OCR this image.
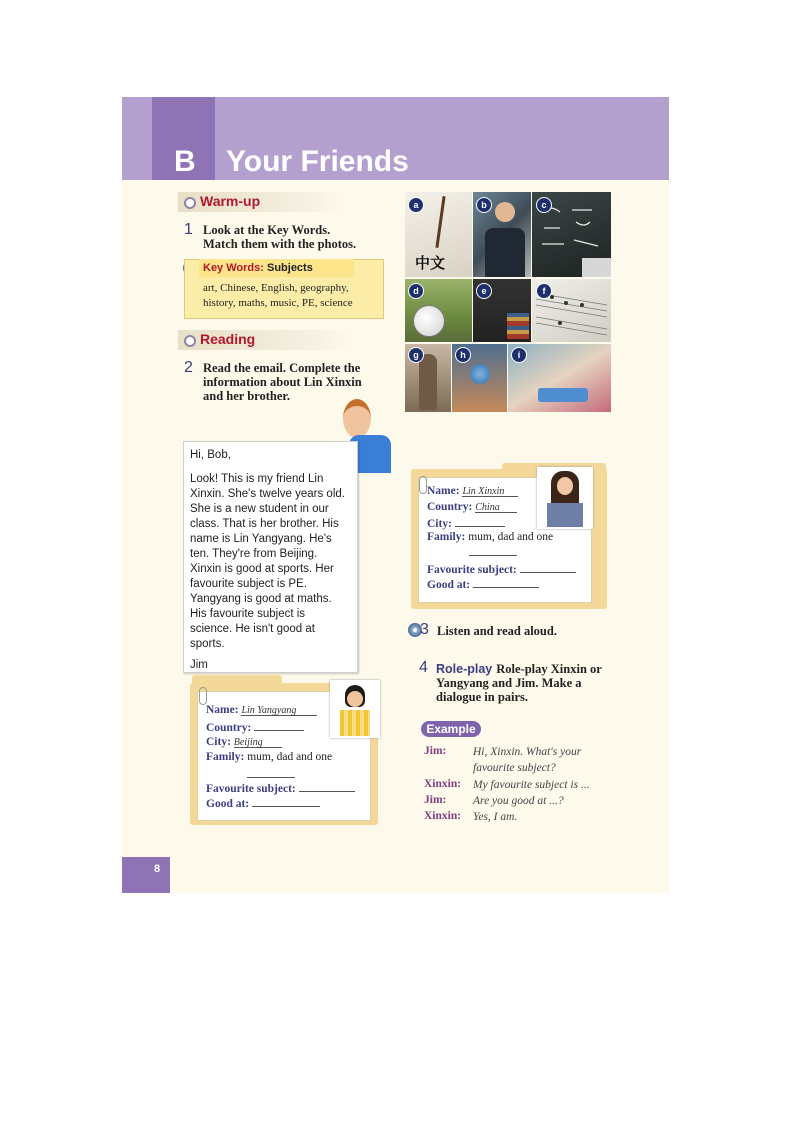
B Your Friends
Warm-up
1 Look at the Key Words.
Match them with the photos.
Key Words: Subjects
art, Chinese, English, geography,
history, maths, music, PE, science
Reading
2 Read the email. Complete the
information about Lin Xinxin
and her brother.
中文
a	b	c
d	e	f
g	h	i
Hi, Bob,
Look! This is my friend Lin
Xinxin. She's twelve years old.
She is a new student in our
class. That is her brother. His
name is Lin Yangyang. He's
ten. They're from Beijing.
Xinxin is good at sports. Her
favourite subject is PE.
Yangyang is good at maths.
His favourite subject is
science. He isn't good at
sports.
Jim
Name: Lin Xinxin
Country: China
City:
Family: mum, dad and one
Favourite subject:
Good at:
3 Listen and read aloud.
4 Role-play Role-play Xinxin or
Yangyang and Jim. Make a
dialogue in pairs.
Example
Jim: Hi, Xinxin. What's your
favourite subject?
Xinxin: My favourite subject is ...
Jim: Are you good at ...?
Xinxin: Yes, I am.
Name: Lin Yangyang
Country:
City: Beijing
Family: mum, dad and one
Favourite subject:
Good at:
8
